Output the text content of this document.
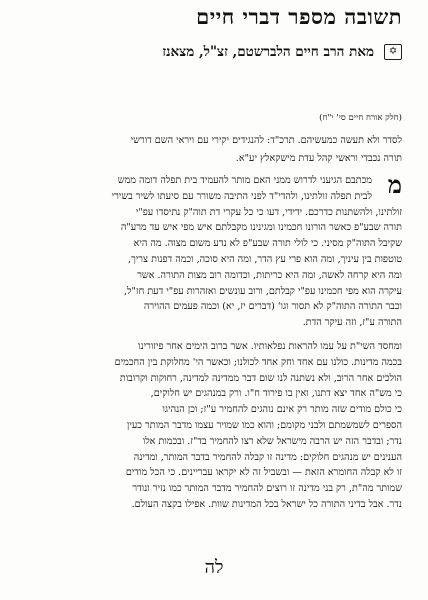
תשובה מספר דברי חיים
✡
מאת הרב חיים הלברשטם, זצ"ל, מצאנז
(חלק אורח חיים סי' י"ח)
לסדר ולא תעשה כמעשיהם. תרכ"ד: להנגידים יקירי עם ויראי השם דורשי
תורה נכבדי וראשי קהל עדת מישקאלץ יע"א.
מ
מכתבם הגיעני לדרוש ממני האם מותר להעמיד בית תפלה דומה ממש
לבית תפלה זולתינו, ולהדי"ד לפני התיבה משורר עם סיעתו לשיר בשירי
זולתינו, ולהשתנות כדרכם. ידידי, דעו כי כל עקרי דת תוה"ק נתיסדו עפ"י
תורה שבע"פ כאשר הורונו חכמינו ומגינינו מקבלתם איש מפי איש עד מרע"ה
שקיבל התוה"ק מסיני. כי לולי תורה שבע"פ לא נדע משום מצוה. מה היא
טוטפות בין עיניך, ומה הוא פרי עץ הדר, ומה היא סוכה, וכמה דפנות צריך,
ומה היא קרחה לאשה, ומה היא כריתות, וכדומה רוב מצות התורה. אשר
עיקרה הוא מפי חכמינו עפ"י קבלתם, ורוב עונשים ואזהרות עפ"י דעת חז"ל,
וכבר התורה התוה"ק לא תסור וגו' (דברים יז, יא) וכמה פעמים ההוירה
התורה ע"ז, וזה עיקר הדת.
ומחסד השי"ת על עמו להראות נפלאותיו. אשר ברוב הימים אחר פיזורינו
בכמה מדינות. כולנו עם אחד וחק אחד לכולנו; וכאשר הי' מחלוקת בין החכמים
הולכים אחר הרוב, ולא נשתנה לנו שום דבר ממדינה למדינה, רחוקות וקרובות
כי מש"ה אחד יצא דתנו, ואין בו פירוד ח"ו. ורק במנהגים יש חלוקים,
כי כולם מודים שזה מותר רק אינם נוהגים להחמיר ע"ז; וכן הנהיגו
הספרים לשמשמתם ולבני מקומם; והוא כמו שמויר עצמו מדבר המותר כעין
נדר; ובדבר הזה יש הרבה מישראל שלא רצו להחמיר בד"ז. ובכמות אלו
הענינים יש מנהגים חלוקים: מדינה זו קבלה להחמיר בדבר המותר, ומדינה
זו לא קבלה החומרא הזאת — ובשביל זה לא יקראו עבריינים. כי הכל מודים
שמותר מה"ת, רק בני מדינה זו רוצים להחמיר מדבר המותר כמו נזיר ונודר
נדר. אבל בדיני התורה כל ישראל בכל המדינות שוות. אפילו בקצה העולם.
לה
